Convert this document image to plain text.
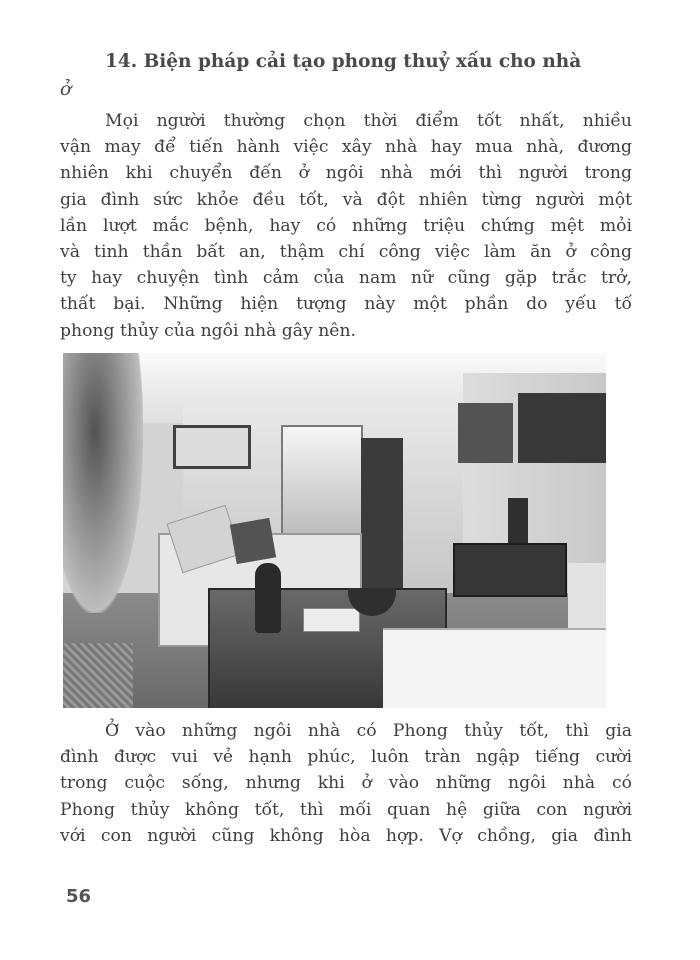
14. Biện pháp cải tạo phong thuỷ xấu cho nhà
ở

Mọi người thường chọn thời điểm tốt nhất, nhiều
vận may để tiến hành việc xây nhà hay mua nhà, đương
nhiên khi chuyển đến ở ngôi nhà mới thì người trong
gia đình sức khỏe đều tốt, và đột nhiên từng người một
lần lượt mắc bệnh, hay có những triệu chứng mệt mỏi
và tinh thần bất an, thậm chí công việc làm ăn ở công
ty hay chuyện tình cảm của nam nữ cũng gặp trắc trở,
thất bại. Những hiện tượng này một phần do yếu tố
phong thủy của ngôi nhà gây nên.

Ở vào những ngôi nhà có Phong thủy tốt, thì gia
đình được vui vẻ hạnh phúc, luôn tràn ngập tiếng cười
trong cuộc sống, nhưng khi ở vào những ngôi nhà có
Phong thủy không tốt, thì mối quan hệ giữa con người
với con người cũng không hòa hợp. Vợ chồng, gia đình

56
